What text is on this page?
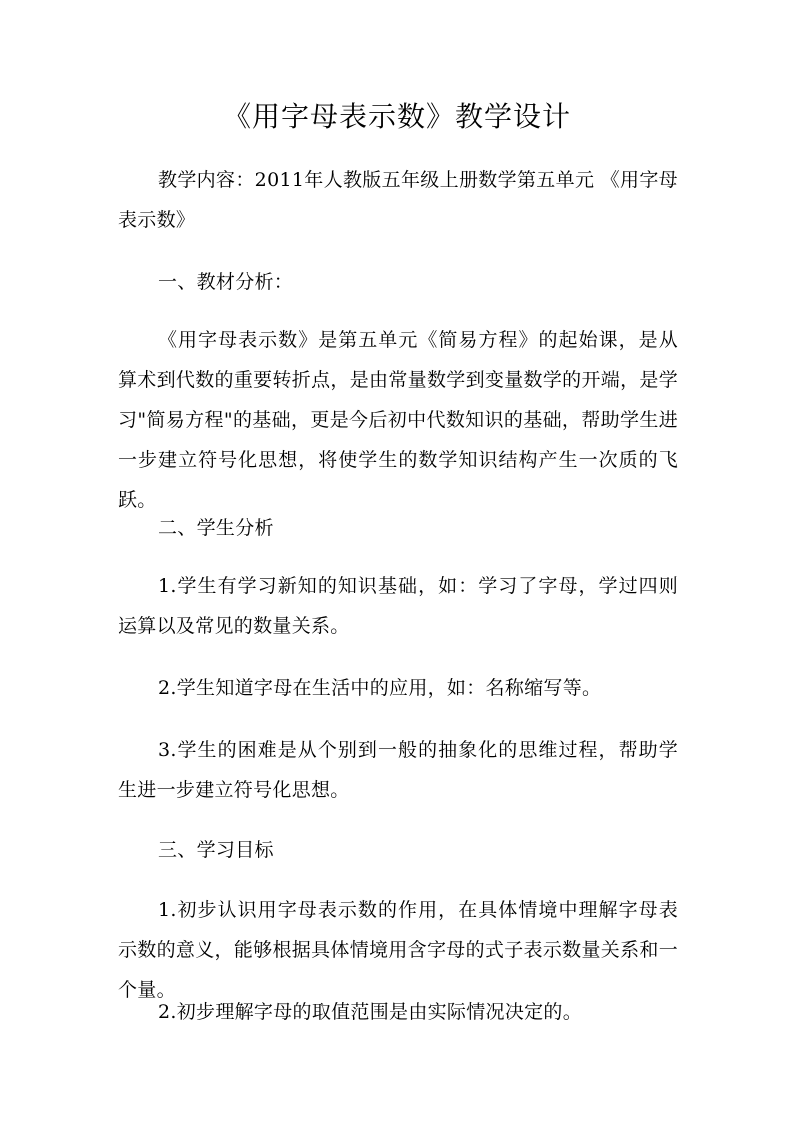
《用字母表示数》教学设计

教学内容：2011年人教版五年级上册数学第五单元 《用字母表示数》

一、教材分析：

《用字母表示数》是第五单元《简易方程》的起始课，是从算术到代数的重要转折点，是由常量数学到变量数学的开端，是学习"简易方程"的基础，更是今后初中代数知识的基础，帮助学生进一步建立符号化思想，将使学生的数学知识结构产生一次质的飞跃。

二、学生分析

1.学生有学习新知的知识基础，如：学习了字母，学过四则运算以及常见的数量关系。

2.学生知道字母在生活中的应用，如：名称缩写等。

3.学生的困难是从个别到一般的抽象化的思维过程，帮助学生进一步建立符号化思想。

三、学习目标

1.初步认识用字母表示数的作用，在具体情境中理解字母表示数的意义，能够根据具体情境用含字母的式子表示数量关系和一个量。

2.初步理解字母的取值范围是由实际情况决定的。
